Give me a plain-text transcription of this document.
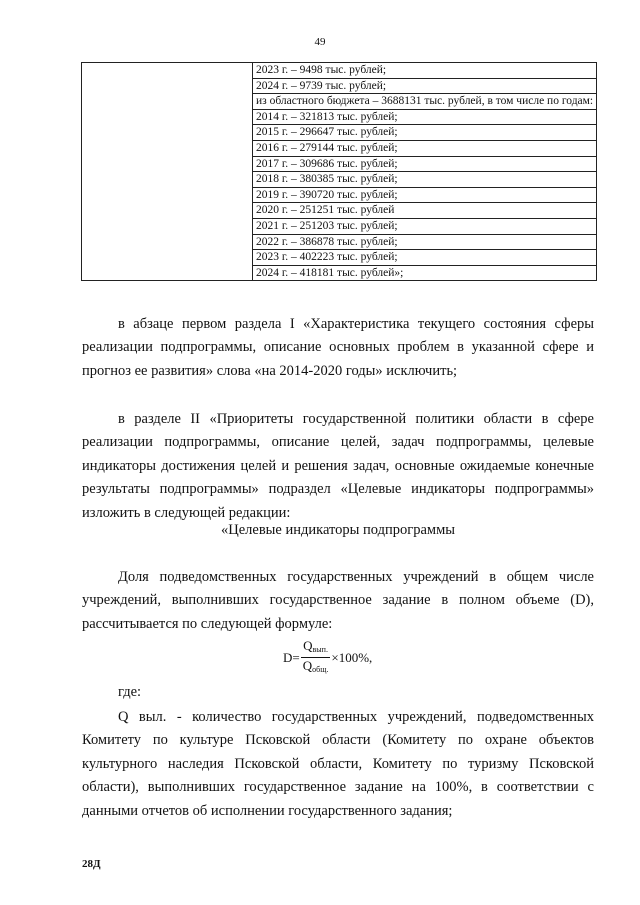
49

2023 г. – 9498 тыс. рублей;
2024 г. – 9739 тыс. рублей;
из областного бюджета – 3688131 тыс. рублей, в том числе по годам:
2014 г. – 321813 тыс. рублей;
2015 г. – 296647 тыс. рублей;
2016 г. – 279144 тыс. рублей;
2017 г. – 309686 тыс. рублей;
2018 г. – 380385 тыс. рублей;
2019 г. – 390720 тыс. рублей;
2020 г. – 251251 тыс. рублей
2021 г. – 251203 тыс. рублей;
2022 г. – 386878 тыс. рублей;
2023 г. – 402223 тыс. рублей;
2024 г. – 418181 тыс. рублей»;

в абзаце первом раздела I «Характеристика текущего состояния сферы реализации подпрограммы, описание основных проблем в указанной сфере и прогноз ее развития» слова «на 2014-2020 годы» исключить;

в разделе II «Приоритеты государственной политики области в сфере реализации подпрограммы, описание целей, задач подпрограммы, целевые индикаторы достижения целей и решения задач, основные ожидаемые конечные результаты подпрограммы» подраздел «Целевые индикаторы подпрограммы» изложить в следующей редакции:

«Целевые индикаторы подпрограммы

Доля подведомственных государственных учреждений в общем числе учреждений, выполнивших государственное задание в полном объеме (D), рассчитывается по следующей формуле:

$D= \frac{Q_{вып.}}{Q_{общ.}} \times 100\%$,

где:

Q выл. - количество государственных учреждений, подведомственных Комитету по культуре Псковской области (Комитету по охране объектов культурного наследия Псковской области, Комитету по туризму Псковской области), выполнивших государственное задание на 100%, в соответствии с данными отчетов об исполнении государственного задания;

28Д
